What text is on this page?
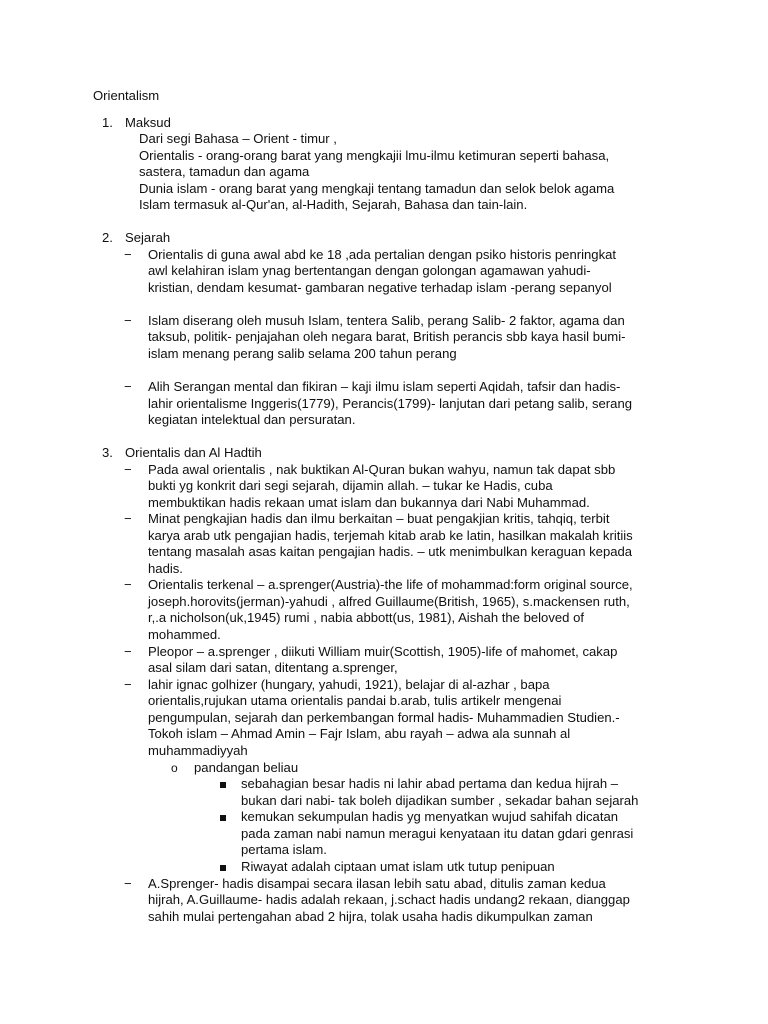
Orientalism
1. Maksud
Dari segi Bahasa – Orient - timur ,
Orientalis - orang-orang barat yang mengkajii lmu-ilmu ketimuran seperti bahasa,
sastera, tamadun dan agama
Dunia islam - orang barat yang mengkaji tentang tamadun dan selok belok agama
Islam termasuk al-Qur'an, al-Hadith, Sejarah, Bahasa dan tain-lain.
2. Sejarah
−	Orientalis di guna awal abd ke 18 ,ada pertalian dengan psiko historis penringkat
awl kelahiran islam ynag bertentangan dengan golongan agamawan yahudi-
kristian, dendam kesumat- gambaran negative terhadap islam -perang sepanyol
−	Islam diserang oleh musuh Islam, tentera Salib, perang Salib- 2 faktor, agama dan
taksub, politik- penjajahan oleh negara barat, British perancis sbb kaya hasil bumi-
islam menang perang salib selama 200 tahun perang
−	Alih Serangan mental dan fikiran – kaji ilmu islam seperti Aqidah, tafsir dan hadis-
lahir orientalisme Inggeris(1779), Perancis(1799)- lanjutan dari petang salib, serang
kegiatan intelektual dan persuratan.
3. Orientalis dan Al Hadtih
−	Pada awal orientalis , nak buktikan Al-Quran bukan wahyu, namun tak dapat sbb
bukti yg konkrit dari segi sejarah, dijamin allah. – tukar ke Hadis, cuba
membuktikan hadis rekaan umat islam dan bukannya dari Nabi Muhammad.
−	Minat pengkajian hadis dan ilmu berkaitan – buat pengakjian kritis, tahqiq, terbit
karya arab utk pengajian hadis, terjemah kitab arab ke latin, hasilkan makalah kritiis
tentang masalah asas kaitan pengajian hadis. – utk menimbulkan keraguan kepada
hadis.
−	Orientalis terkenal – a.sprenger(Austria)-the life of mohammad:form original source,
joseph.horovits(jerman)-yahudi , alfred Guillaume(British, 1965), s.mackensen ruth,
r,.a nicholson(uk,1945) rumi , nabia abbott(us, 1981), Aishah the beloved of
mohammed.
−	Pleopor – a.sprenger , diikuti William muir(Scottish, 1905)-life of mahomet, cakap
asal silam dari satan, ditentang a.sprenger,
−	lahir ignac golhizer (hungary, yahudi, 1921), belajar di al-azhar , bapa
orientalis,rujukan utama orientalis pandai b.arab, tulis artikelr mengenai
pengumpulan, sejarah dan perkembangan formal hadis- Muhammadien Studien.-
Tokoh islam – Ahmad Amin – Fajr Islam, abu rayah – adwa ala sunnah al
muhammadiyyah
o pandangan beliau
sebahagian besar hadis ni lahir abad pertama dan kedua hijrah –
bukan dari nabi- tak boleh dijadikan sumber , sekadar bahan sejarah
kemukan sekumpulan hadis yg menyatkan wujud sahifah dicatan
pada zaman nabi namun meragui kenyataan itu datan gdari genrasi
pertama islam.
Riwayat adalah ciptaan umat islam utk tutup penipuan
−	A.Sprenger- hadis disampai secara ilasan lebih satu abad, ditulis zaman kedua
hijrah, A.Guillaume- hadis adalah rekaan, j.schact hadis undang2 rekaan, dianggap
sahih mulai pertengahan abad 2 hijra, tolak usaha hadis dikumpulkan zaman
